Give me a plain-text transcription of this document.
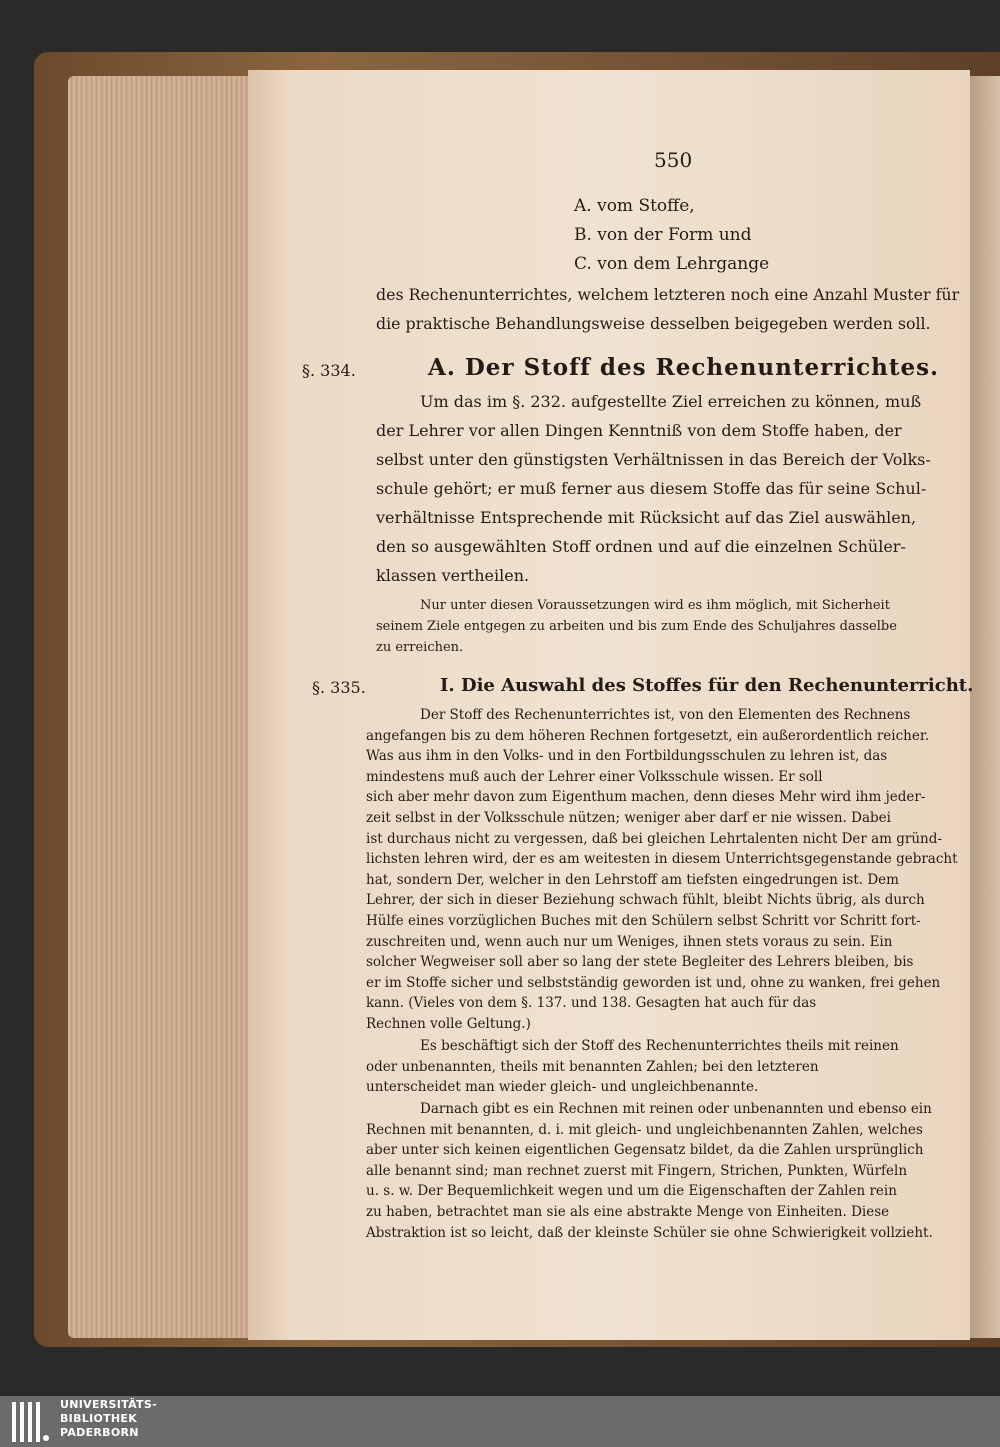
550
A. vom Stoffe,
B. von der Form und
C. von dem Lehrgange
des Rechenunterrichtes, welchem letzteren noch eine Anzahl Muster für
die praktische Behandlungsweise desselben beigegeben werden soll.
§. 334.	A. Der Stoff des Rechenunterrichtes.
Um das im §. 232. aufgestellte Ziel erreichen zu können, muß
der Lehrer vor allen Dingen Kenntniß von dem Stoffe haben, der
selbst unter den günstigsten Verhältnissen in das Bereich der Volks-
schule gehört; er muß ferner aus diesem Stoffe das für seine Schul-
verhältnisse Entsprechende mit Rücksicht auf das Ziel auswählen,
den so ausgewählten Stoff ordnen und auf die einzelnen Schüler-
klassen vertheilen.
Nur unter diesen Voraussetzungen wird es ihm möglich, mit Sicherheit
seinem Ziele entgegen zu arbeiten und bis zum Ende des Schuljahres dasselbe
zu erreichen.
§. 335.	I. Die Auswahl des Stoffes für den Rechenunterricht.
Der Stoff des Rechenunterrichtes ist, von den Elementen des Rechnens
angefangen bis zu dem höheren Rechnen fortgesetzt, ein außerordentlich reicher.
Was aus ihm in den Volks- und in den Fortbildungsschulen zu lehren ist, das
mindestens muß auch der Lehrer einer Volksschule wissen. Er soll
sich aber mehr davon zum Eigenthum machen, denn dieses Mehr wird ihm jeder-
zeit selbst in der Volksschule nützen; weniger aber darf er nie wissen. Dabei
ist durchaus nicht zu vergessen, daß bei gleichen Lehrtalenten nicht Der am gründ-
lichsten lehren wird, der es am weitesten in diesem Unterrichtsgegenstande gebracht
hat, sondern Der, welcher in den Lehrstoff am tiefsten eingedrungen ist. Dem
Lehrer, der sich in dieser Beziehung schwach fühlt, bleibt Nichts übrig, als durch
Hülfe eines vorzüglichen Buches mit den Schülern selbst Schritt vor Schritt fort-
zuschreiten und, wenn auch nur um Weniges, ihnen stets voraus zu sein. Ein
solcher Wegweiser soll aber so lang der stete Begleiter des Lehrers bleiben, bis
er im Stoffe sicher und selbstständig geworden ist und, ohne zu wanken, frei gehen
kann. (Vieles von dem §. 137. und 138. Gesagten hat auch für das
Rechnen volle Geltung.)
Es beschäftigt sich der Stoff des Rechenunterrichtes theils mit reinen
oder unbenannten, theils mit benannten Zahlen; bei den letzteren
unterscheidet man wieder gleich- und ungleichbenannte.
Darnach gibt es ein Rechnen mit reinen oder unbenannten und ebenso ein
Rechnen mit benannten, d. i. mit gleich- und ungleichbenannten Zahlen, welches
aber unter sich keinen eigentlichen Gegensatz bildet, da die Zahlen ursprünglich
alle benannt sind; man rechnet zuerst mit Fingern, Strichen, Punkten, Würfeln
u. s. w. Der Bequemlichkeit wegen und um die Eigenschaften der Zahlen rein
zu haben, betrachtet man sie als eine abstrakte Menge von Einheiten. Diese
Abstraktion ist so leicht, daß der kleinste Schüler sie ohne Schwierigkeit vollzieht.
UNIVERSITÄTS-
BIBLIOTHEK
PADERBORN
